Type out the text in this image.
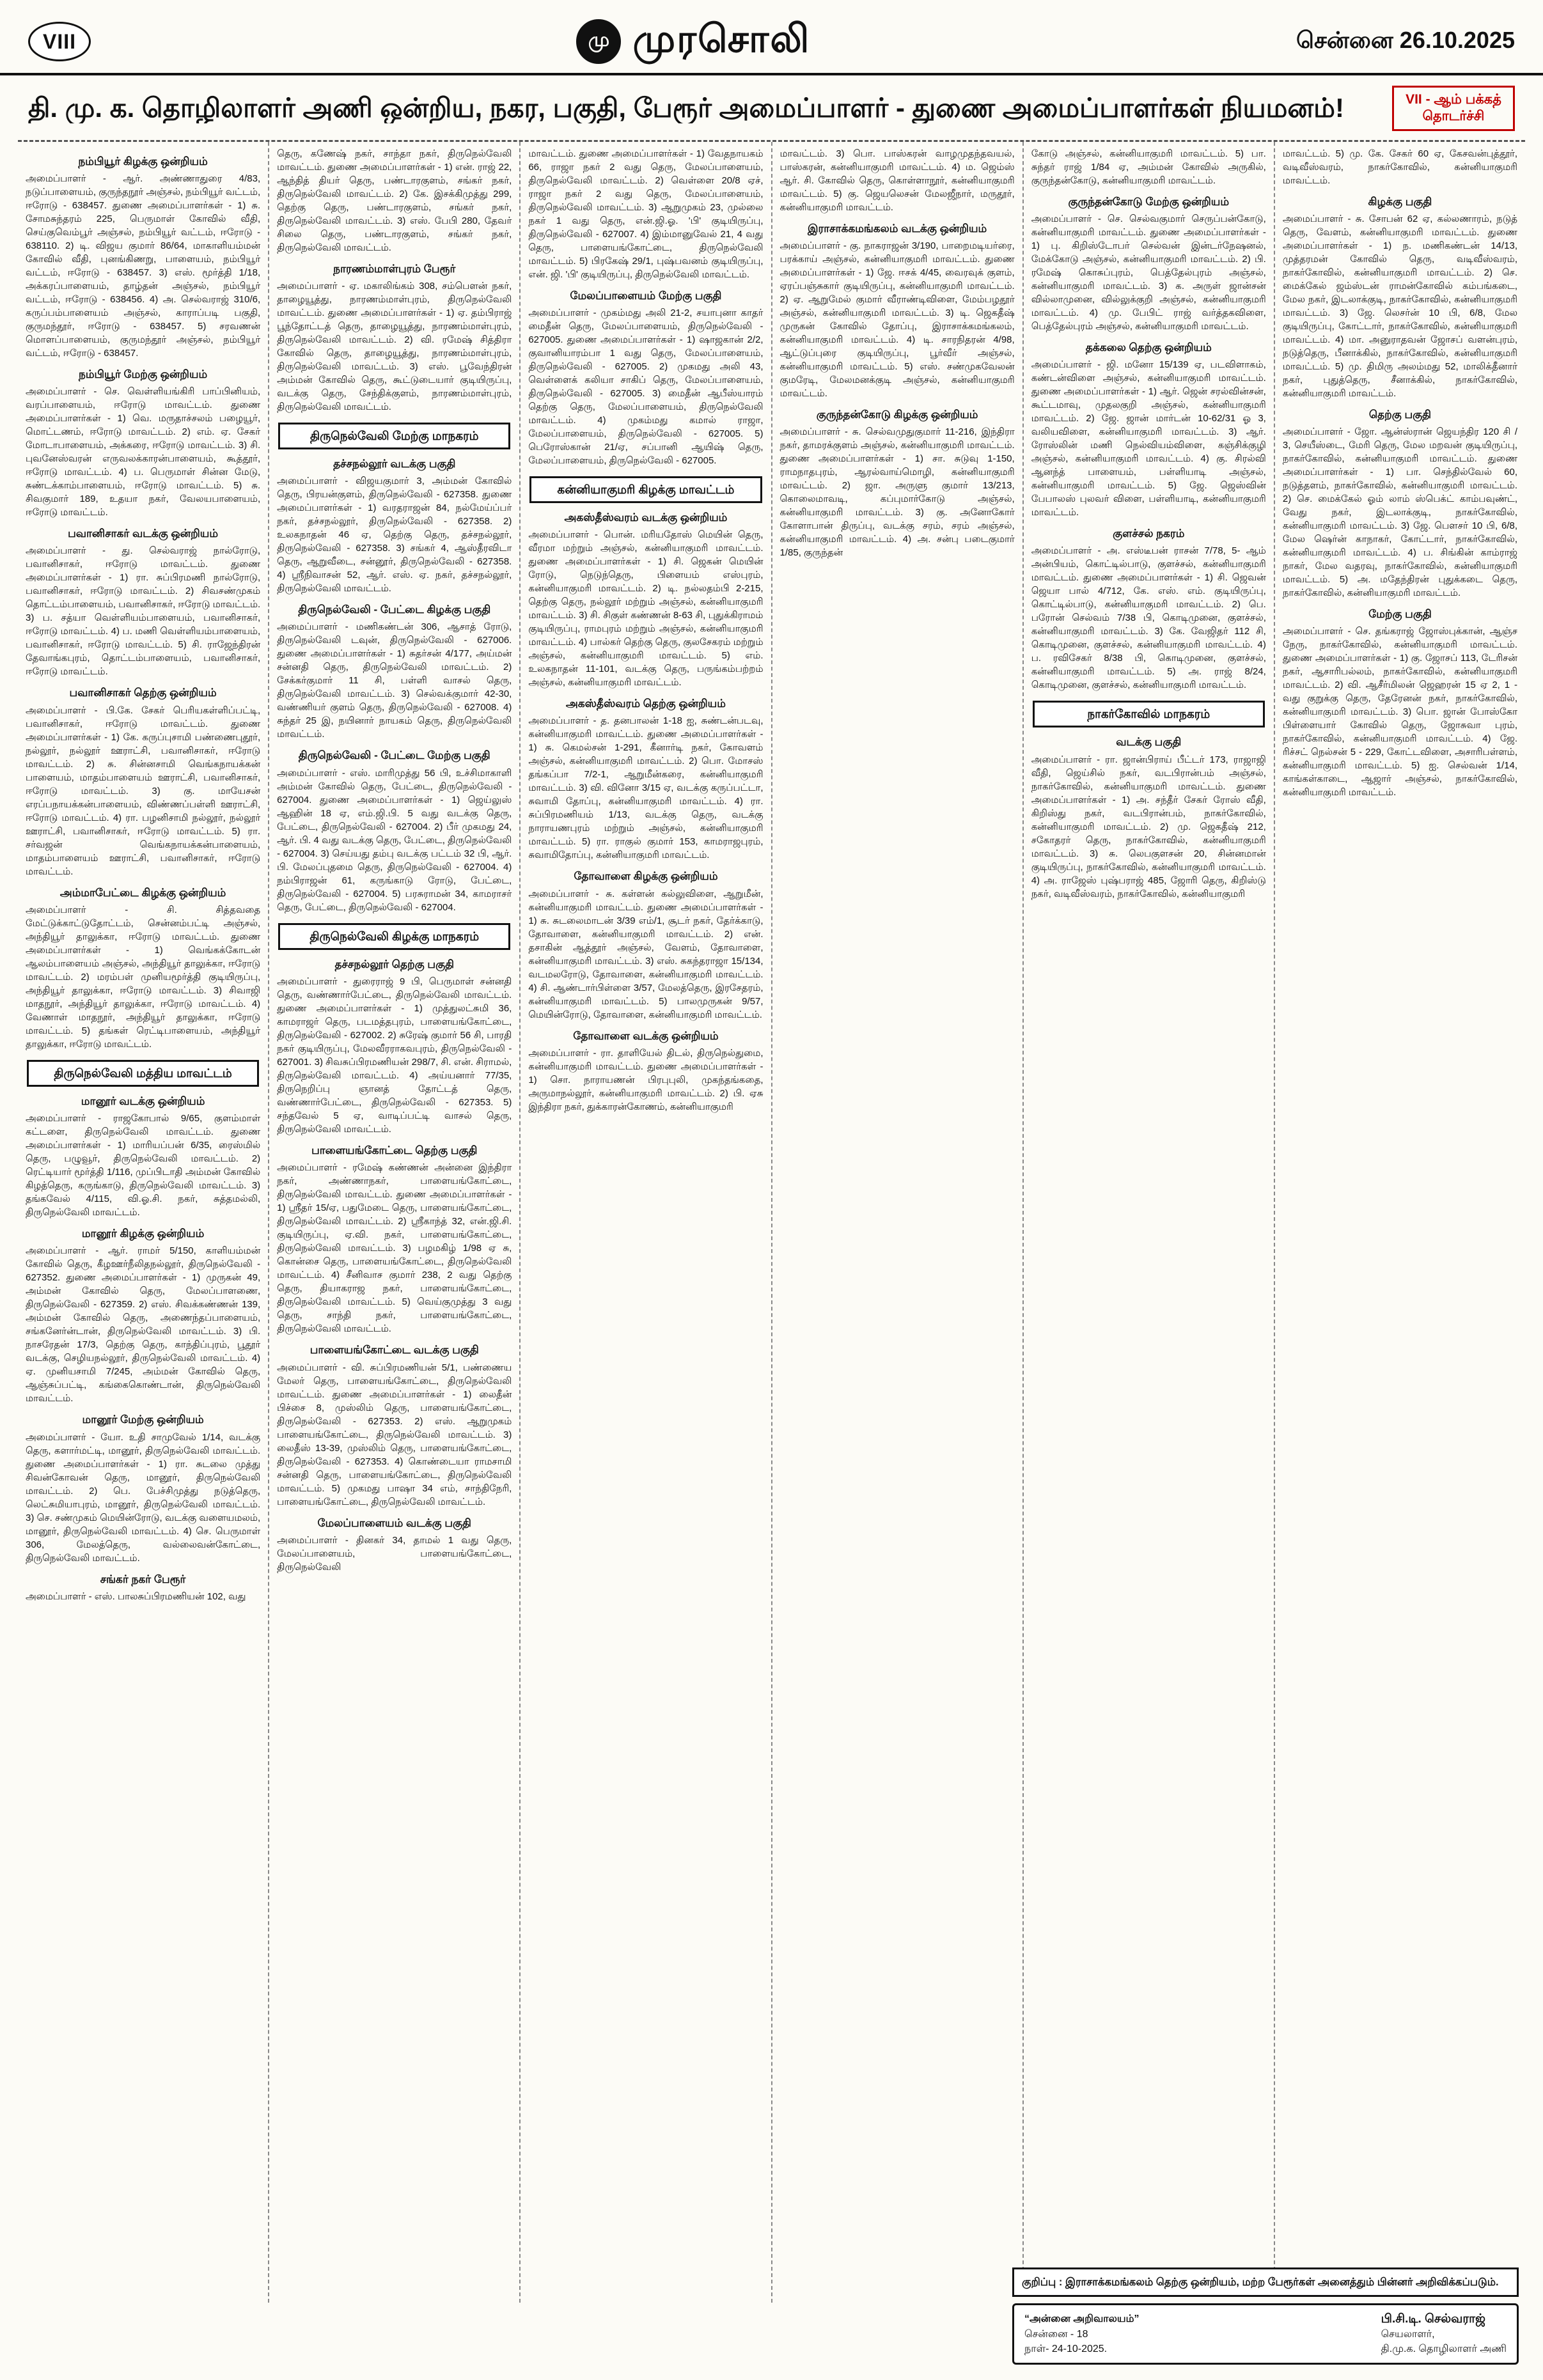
VIII	மு முரசொலி	சென்னை 26.10.2025
தி. மு. க. தொழிலாளர் அணி ஒன்றிய, நகர, பகுதி, பேரூர் அமைப்பாளர் - துணை அமைப்பாளர்கள் நியமனம்!	VII - ஆம் பக்கத் தொடர்ச்சி
நம்பியூர் கிழக்கு ஒன்றியம்
அமைப்பாளர் - ஆர். அண்ணாதுரை 4/83, நடுப்பாளையம், குருந்தநூர் அஞ்சல், நம்பியூர் வட்டம், ஈரோடு - 638457. துணை அமைப்பாளர்கள் - 1) சு. சோமசுந்தரம் 225, பெருமாள் கோவில் வீதி, செய்குவெம்பூர் அஞ்சல், நம்பியூர் வட்டம், ஈரோடு - 638110. 2) டி. விஜய குமார் 86/64, மாகாளியம்மன் கோவில் வீதி, புனங்கிணறு, பாளையம், நம்பியூர் வட்டம், ஈரோடு - 638457. 3) எஸ். மூர்த்தி 1/18, அக்கரப்பாளையம், தாழ்தன் அஞ்சல், நம்பியூர் வட்டம், ஈரோடு - 638456. 4) அ. செல்வராஜ் 310/6, கருப்பம்பாளையம் அஞ்சல், காராப்படி பகுதி, குருமந்தூர், ஈரோடு - 638457. 5) சரவணன் மொளப்பாளையம், குருமந்தூர் அஞ்சல், நம்பியூர் வட்டம், ஈரோடு - 638457.
நம்பியூர் மேற்கு ஒன்றியம்
அமைப்பாளர் - செ. வெள்ளியங்கிரி பாப்பினியம், வரப்பாளையம், ஈரோடு மாவட்டம். துணை அமைப்பாளர்கள் - 1) வெ. மருதாச்சலம் பழையூர், மொட்டணம், ஈரோடு மாவட்டம். 2) எம். ஏ. சேகர் மோடாபாளையம், அக்கரை, ஈரோடு மாவட்டம். 3) சி. புவனேஸ்வரன் எருவலக்காரன்பாளையம், கூத்தூர், ஈரோடு மாவட்டம். 4) ப. பெருமாள் சின்ன மேடு, சுண்டக்காம்பாளையம், ஈரோடு மாவட்டம். 5) சு. சிவகுமார் 189, உதயா நகர், வேலயபாளையம், ஈரோடு மாவட்டம்.
பவானிசாகர் வடக்கு ஒன்றியம்
அமைப்பாளர் - து. செல்வராஜ் நால்ரோடு, பவானிசாகர், ஈரோடு மாவட்டம். துணை அமைப்பாளர்கள் - 1) ரா. சுப்பிரமணி நால்ரோடு, பவானிசாகர், ஈரோடு மாவட்டம். 2) சிவசண்முகம் தொட்டம்பாளையம், பவானிசாகர், ஈரோடு மாவட்டம். 3) ப. சத்யா வெள்ளியம்பாளையம், பவானிசாகர், ஈரோடு மாவட்டம். 4) ப. மணி வெள்ளியம்பாளையம், பவானிசாகர், ஈரோடு மாவட்டம். 5) சி. ராஜேந்திரன் தேவாங்கபுரம், தொட்டம்பாளையம், பவானிசாகர், ஈரோடு மாவட்டம்.
பவானிசாகர் தெற்கு ஒன்றியம்
அமைப்பாளர் - பி.கே. சேகர் பெரியகள்ளிப்பட்டி, பவானிசாகர், ஈரோடு மாவட்டம். துணை அமைப்பாளர்கள் - 1) கே. கருப்புசாமி பண்ணைபுதூர், நல்லூர், நல்லூர் ஊராட்சி, பவானிசாகர், ஈரோடு மாவட்டம். 2) சு. சின்னசாமி வெங்கநாயக்கன் பாளையம், மாதம்பாளையம் ஊராட்சி, பவானிசாகர், ஈரோடு மாவட்டம். 3) கு. மாயேசன் எரப்பநாயக்கன்பாளையம், விண்ணப்பள்ளி ஊராட்சி, ஈரோடு மாவட்டம். 4) ரா. பழனிசாமி நல்லூர், நல்லூர் ஊராட்சி, பவானிசாகர், ஈரோடு மாவட்டம். 5) ரா. சர்வஜன் வெங்கநாயக்கன்பாளையம், மாதம்பாளையம் ஊராட்சி, பவானிசாகர், ஈரோடு மாவட்டம்.
அம்மாபேட்டை கிழக்கு ஒன்றியம்
அமைப்பாளர் - சி. சித்தவதை மேட்டுக்காட்டுதோட்டம், சென்னம்பட்டி அஞ்சல், அந்தியூர் தாலுக்கா, ஈரோடு மாவட்டம். துணை அமைப்பாளர்கள் - 1) வெங்கக்கோடன் ஆலம்பாளையம் அஞ்சல், அந்தியூர் தாலுக்கா, ஈரோடு மாவட்டம். 2) மரம்பள் முனியமூர்த்தி குடியிருப்பு, அந்தியூர் தாலுக்கா, ஈரோடு மாவட்டம். 3) சிவாஜி மாதநூர், அந்தியூர் தாலுக்கா, ஈரோடு மாவட்டம். 4) வேணாள் மாதநூர், அந்தியூர் தாலுக்கா, ஈரோடு மாவட்டம். 5) தங்கள் ரெட்டிபாளையம், அந்தியூர் தாலுக்கா, ஈரோடு மாவட்டம்.
திருநெல்வேலி மத்திய மாவட்டம்
மானூர் வடக்கு ஒன்றியம்
அமைப்பாளர் - ராஜகோபால் 9/65, குளம்மாள் கட்டளை, திருநெல்வேலி மாவட்டம். துணை அமைப்பாளர்கள் - 1) மாரியப்பன் 6/35, ரைஸ்மில் தெரு, பழுவூர், திருநெல்வேலி மாவட்டம். 2) ரெட்டியார் மூர்த்தி 1/116, முப்பிடாதி அம்மன் கோவில் கிழத்தெரு, கருங்காடு, திருநெல்வேலி மாவட்டம். 3) தங்கவேல் 4/115, வி.ஓ.சி. நகர், சுத்தமல்லி, திருநெல்வேலி மாவட்டம்.
மானூர் கிழக்கு ஒன்றியம்
அமைப்பாளர் - ஆர். ராமர் 5/150, காளியம்மன் கோவில் தெரு, கீழஊர்நீலிதநல்லூர், திருநெல்வேலி - 627352. துணை அமைப்பாளர்கள் - 1) முருகன் 49, அம்மன் கோவில் தெரு, மேலப்பாளணை, திருநெல்வேலி - 627359. 2) எஸ். சிவக்கண்ணன் 139, அம்மன் கோவில் தெரு, அணைந்தப்பாளையம், சங்கனேர்ன்டான், திருநெல்வேலி மாவட்டம். 3) பி. நாசரேதன் 17/3, தெற்கு தெரு, காந்திப்புரம், பூதூர் வடக்கு, செழியநல்லூர், திருநெல்வேலி மாவட்டம். 4) ஏ. முனியசாமி 7/245, அம்மன் கோவில் தெரு, ஆஞ்சுப்பட்டி, கங்கைகொண்டான், திருநெல்வேலி மாவட்டம்.
மானூர் மேற்கு ஒன்றியம்
அமைப்பாளர் - யோ. உதி சாமுவேல் 1/14, வடக்கு தெரு, களார்மட்டி, மானூர், திருநெல்வேலி மாவட்டம். துணை அமைப்பாளர்கள் - 1) ரா. சுடலை முத்து சிவன்கோவன் தெரு, மானூர், திருநெல்வேலி மாவட்டம். 2) பெ. பேச்சிமுத்து நடுத்தெரு, லெட்சுமியாபுரம், மானூர், திருநெல்வேலி மாவட்டம். 3) செ. சண்முகம் மெயின்ரோடு, வடக்கு வளையமலம், மானூர், திருநெல்வேலி மாவட்டம். 4) செ. பெருமாள் 306, மேலத்தெரு, வல்லைவன்கோட்டை, திருநெல்வேலி மாவட்டம்.
சங்கர் நகர் பேரூர்
அமைப்பாளர் - எஸ். பாலசுப்பிரமணியன் 102, வது
தெரு, கணேஷ் நகர், சாந்தா நகர், திருநெல்வேலி மாவட்டம். துணை அமைப்பாளர்கள் - 1) என். ராஜ் 22, ஆந்தித் தியர் தெரு, பண்டாரகுளம், சங்கர் நகர், திருநெல்வேலி மாவட்டம். 2) கே. இசக்கிமுத்து 299, தெற்கு தெரு, பண்டாரகுளம், சங்கர் நகர், திருநெல்வேலி மாவட்டம். 3) எஸ். பேபி 280, தேவர் சிலை தெரு, பண்டாரகுளம், சங்கர் நகர், திருநெல்வேலி மாவட்டம்.
நாரணம்மாள்புரம் பேரூர்
அமைப்பாளர் - ஏ. மகாலிங்கம் 308, சம்பௌன் நகர், தாழையூத்து, நாரணம்மாள்புரம், திருநெல்வேலி மாவட்டம். துணை அமைப்பாளர்கள் - 1) ஏ. தம்பிராஜ் பூந்தோட்டத் தெரு, தாழையூத்து, நாரணம்மாள்புரம், திருநெல்வேலி மாவட்டம். 2) வி. ரமேஷ் சித்திரா கோவில் தெரு, தாழையூத்து, நாரணம்மாள்புரம், திருநெல்வேலி மாவட்டம். 3) எஸ். பூவேந்திரன் அம்மன் கோவில் தெரு, கூட்டுடையார் குடியிருப்பு, வடக்கு தெரு, சேந்திக்குளம், நாரணம்மாள்புரம், திருநெல்வேலி மாவட்டம்.
திருநெல்வேலி மேற்கு மாநகரம்
தச்சநல்லூர் வடக்கு பகுதி
அமைப்பாளர் - விஜயகுமார் 3, அம்மன் கோவில் தெரு, பிரயன்குளம், திருநெல்வேலி - 627358. துணை அமைப்பாளர்கள் - 1) வரதராஜன் 84, நல்மேய்ப்பர் நகர், தச்சநல்லூர், திருநெல்வேலி - 627358. 2) உலகநாதன் 46 ஏ, தெற்கு தெரு, தச்சநல்லூர், திருநெல்வேலி - 627358. 3) சங்கர் 4, ஆஸ்தீரவிடா தெரு, ஆறுவீடை, சன்னூர், திருநெல்வேலி - 627358. 4) ஸ்ரீநிவாசன் 52, ஆர். எஸ். ஏ. நகர், தச்சநல்லூர், திருநெல்வேலி மாவட்டம்.
திருநெல்வேலி - பேட்டை கிழக்கு பகுதி
அமைப்பாளர் - மணிகண்டன் 306, ஆசாத் ரோடு, திருநெல்வேலி டவுன், திருநெல்வேலி - 627006. துணை அமைப்பாளர்கள் - 1) சுதர்சன் 4/177, அய்மன் சன்னதி தெரு, திருநெல்வேலி மாவட்டம். 2) சேக்கர்குமார் 11 சி, பள்ளி வாசல் தெரு, திருநெல்வேலி மாவட்டம். 3) செல்வக்குமார் 42-30, வண்ணியர் குளம் தெரு, திருநெல்வேலி - 627008. 4) சுந்தர் 25 இ, நயினார் நாயகம் தெரு, திருநெல்வேலி மாவட்டம்.
திருநெல்வேலி - பேட்டை மேற்கு பகுதி
அமைப்பாளர் - எஸ். மாரிமுத்து 56 பி, உச்சிமாகாளி அம்மன் கோவில் தெரு, பேட்டை, திருநெல்வேலி - 627004. துணை அமைப்பாளர்கள் - 1) ஜெய்லுஸ் ஆஹின் 18 ஏ, எம்.ஜி.பி. 5 வது வடக்கு தெரு, பேட்டை, திருநெல்வேலி - 627004. 2) பீர் முகமது 24, ஆர். பி. 4 வது வடக்கு தெரு, பேட்டை, திருநெல்வேலி - 627004. 3) செய்யது தம்பு வடக்கு பட்டம் 32 பி, ஆர். பி. மேலப்புதமை தெரு, திருநெல்வேலி - 627004. 4) நம்பிராஜன் 61, கருங்காடு ரோடு, பேட்டை, திருநெல்வேலி - 627004. 5) பரசுராமன் 34, காமராசர் தெரு, பேட்டை, திருநெல்வேலி - 627004.
திருநெல்வேலி கிழக்கு மாநகரம்
தச்சநல்லூர் தெற்கு பகுதி
அமைப்பாளர் - துரைராஜ் 9 பி, பெருமாள் சன்னதி தெரு, வண்ணார்பேட்டை, திருநெல்வேலி மாவட்டம். துணை அமைப்பாளர்கள் - 1) முத்துலட்சுமி 36, காமராஜர் தெரு, படமத்தபுரம், பாளையங்கோட்டை, திருநெல்வேலி - 627002. 2) சுரேஷ் குமார் 56 சி, பாரதி நகர் குடியிருப்பு, மேலவீரராகவபுரம், திருநெல்வேலி - 627001. 3) சிவசுப்பிரமணியன் 298/7, சி. என். சிராமல், திருநெல்வேலி மாவட்டம். 4) அய்யனார் 77/35, திருநெறிப்பு ஞானத் தோட்டத் தெரு, வண்ணார்பேட்டை, திருநெல்வேலி - 627353. 5) சந்தவேல் 5 ஏ, வாடிப்பட்டி வாசல் தெரு, திருநெல்வேலி மாவட்டம்.
பாளையங்கோட்டை தெற்கு பகுதி
அமைப்பாளர் - ரமேஷ் கண்ணன் அன்னை இந்திரா நகர், அண்ணாநகர், பாளையங்கோட்டை, திருநெல்வேலி மாவட்டம். துணை அமைப்பாளர்கள் - 1) ஸ்ரீதர் 15/ஏ, பதுமேடை தெரு, பாளையங்கோட்டை, திருநெல்வேலி மாவட்டம். 2) ஸ்ரீகாந்த் 32, என்.ஜி.சி. குடியிருப்பு, ஏ.வி. நகர், பாளையங்கோட்டை, திருநெல்வேலி மாவட்டம். 3) பழமகிழ் 1/98 ஏ சு, கொன்சை தெரு, பாளையங்கோட்டை, திருநெல்வேலி மாவட்டம். 4) சீனிவாச குமார் 238, 2 வது தெற்கு தெரு, தியாகராஜ நகர், பாளையங்கோட்டை, திருநெல்வேலி மாவட்டம். 5) வெய்குமுத்து 3 வது தெரு, சாந்தி நகர், பாளையங்கோட்டை, திருநெல்வேலி மாவட்டம்.
பாளையங்கோட்டை வடக்கு பகுதி
அமைப்பாளர் - வி. சுப்பிரமணியன் 5/1, பண்ணைய மேலர் தெரு, பாளையங்கோட்டை, திருநெல்வேலி மாவட்டம். துணை அமைப்பாளர்கள் - 1) லைதீன் பிச்சை 8, முஸ்லிம் தெரு, பாளையங்கோட்டை, திருநெல்வேலி - 627353. 2) எஸ். ஆறுமுகம் பாளையங்கோட்டை, திருநெல்வேலி மாவட்டம். 3) லைதீஸ் 13-39, முஸ்லிம் தெரு, பாளையங்கோட்டை, திருநெல்வேலி - 627353. 4) கொண்டையா ராமசாமி சன்னதி தெரு, பாளையங்கோட்டை, திருநெல்வேலி மாவட்டம். 5) முகமது பாஷா 34 எம், சாந்திநேரி, பாளையங்கோட்டை, திருநெல்வேலி மாவட்டம்.
மேலப்பாளையம் வடக்கு பகுதி
அமைப்பாளர் - தினகர் 34, தாமல் 1 வது தெரு, மேலப்பாளையம், பாளையங்கோட்டை, திருநெல்வேலி
மாவட்டம். துணை அமைப்பாளர்கள் - 1) வேதநாயகம் 66, ராஜா நகர் 2 வது தெரு, மேலப்பாளையம், திருநெல்வேலி மாவட்டம். 2) வெள்ளை 20/8 ஏச், ராஜா நகர் 2 வது தெரு, மேலப்பாளையம், திருநெல்வேலி மாவட்டம். 3) ஆறுமுகம் 23, முல்லை நகர் 1 வது தெரு, என்.ஜி.ஓ. 'பி' குடியிருப்பு, திருநெல்வேலி - 627007. 4) இம்மானுவேல் 21, 4 வது தெரு, பாளையங்கோட்டை, திருநெல்வேலி மாவட்டம். 5) பிரகேஷ் 29/1, புஷ்பவனம் குடியிருப்பு, என். ஜி. 'பி' குடியிருப்பு, திருநெல்வேலி மாவட்டம்.
மேலப்பாளையம் மேற்கு பகுதி
அமைப்பாளர் - முகம்மது அலி 21-2, சயாபுனா காதர் மைதீன் தெரு, மேலப்பாளையம், திருநெல்வேலி - 627005. துணை அமைப்பாளர்கள் - 1) ஷாஜகான் 2/2, குவானியாரம்பா 1 வது தெரு, மேலப்பாளையம், திருநெல்வேலி - 627005. 2) முகமது அலி 43, வெள்ளைக் கலியா சாகிப் தெரு, மேலப்பாளையம், திருநெல்வேலி - 627005. 3) மைதீன் ஆபீஸ்யாரம் தெற்கு தெரு, மேலப்பாளையம், திருநெல்வேலி மாவட்டம். 4) முகம்மது கமால் ராஜா, மேலப்பாளையம், திருநெல்வேலி - 627005. 5) பெரோஸ்கான் 21/ஏ, சப்பானி ஆயிஷ் தெரு, மேலப்பாளையம், திருநெல்வேலி - 627005.
கன்னியாகுமரி கிழக்கு மாவட்டம்
அகஸ்தீஸ்வரம் வடக்கு ஒன்றியம்
அமைப்பாளர் - பொன். மரியதோஸ் மெயின் தெரு, வீரமா மற்றும் அஞ்சல், கன்னியாகுமரி மாவட்டம். துணை அமைப்பாளர்கள் - 1) சி. ஜெகன் மெயின் ரோடு, நெடுந்தெரு, பிளையம் எஸ்புரம், கன்னியாகுமரி மாவட்டம். 2) டி. நல்லதம்பி 2-215, தெற்கு தெரு, நல்லூர் மற்றும் அஞ்சல், கன்னியாகுமரி மாவட்டம். 3) சி. சிகுள் கண்ணன் 8-63 சி, புதுக்கிராமம் குடியிருப்பு, ராமபுரம் மற்றும் அஞ்சல், கன்னியாகுமரி மாவட்டம். 4) பால்கர் தெற்கு தெரு, குலசேகரம் மற்றும் அஞ்சல், கன்னியாகுமரி மாவட்டம். 5) எம். உலகநாதன் 11-101, வடக்கு தெரு, பருங்கம்பற்றம் அஞ்சல், கன்னியாகுமரி மாவட்டம்.
அகஸ்தீஸ்வரம் தெற்கு ஒன்றியம்
அமைப்பாளர் - த. தனபாலன் 1-18 ஐ, சுண்டன்படவு, கன்னியாகுமரி மாவட்டம். துணை அமைப்பாளர்கள் - 1) சு. கெமல்சன் 1-291, கீனார்டி நகர், கோவளம் அஞ்சல், கன்னியாகுமரி மாவட்டம். 2) பொ. மோசஸ் தங்கப்பா 7/2-1, ஆறுமீன்கரை, கன்னியாகுமரி மாவட்டம். 3) வி. வினோ 3/15 ஏ, வடக்கு கருப்பட்டா, சுவாமி தோப்பு, கன்னியாகுமரி மாவட்டம். 4) ரா. சுப்பிரமணியம் 1/13, வடக்கு தெரு, வடக்கு நாராயணபுரம் மற்றும் அஞ்சல், கன்னியாகுமரி மாவட்டம். 5) ரா. ராகுல் குமார் 153, காமராஜபுரம், சுவாமிதோப்பு, கன்னியாகுமரி மாவட்டம்.
தோவாளை கிழக்கு ஒன்றியம்
அமைப்பாளர் - சு. கள்ளன் கல்லுவிளை, ஆறுமீன், கன்னியாகுமரி மாவட்டம். துணை அமைப்பாளர்கள் - 1) சு. சுடலைமாடன் 3/39 எம்/1, சூடர் நகர், தேர்க்காடு, தோவாளை, கன்னியாகுமரி மாவட்டம். 2) என். தசாகின் ஆத்தூர் அஞ்சல், வேளம், தோவாளை, கன்னியாகுமரி மாவட்டம். 3) எஸ். சுகந்தராஜா 15/134, வடமலரோடு, தோவாளை, கன்னியாகுமரி மாவட்டம். 4) சி. ஆண்டார்பிள்ளை 3/57, மேலத்தெரு, இரசேதரம், கன்னியாகுமரி மாவட்டம். 5) பாலமுருகன் 9/57, மெயின்ரோடு, தோவாளை, கன்னியாகுமரி மாவட்டம்.
தோவாளை வடக்கு ஒன்றியம்
அமைப்பாளர் - ரா. தாளியேல் திடல், திருநெல்துமை, கன்னியாகுமரி மாவட்டம். துணை அமைப்பாளர்கள் - 1) சொ. நாராயணன் பிரபுபுலி, முகந்தங்கதை, அருமாநல்லூர், கன்னியாகுமரி மாவட்டம். 2) பி. ஏசு இந்திரா நகர், துக்காரன்கோணம், கன்னியாகுமரி
மாவட்டம். 3) பொ. பாஸ்கரன் வாழமுதந்தவயல், பாஸ்கரன், கன்னியாகுமரி மாவட்டம். 4) ம. ஜெம்ஸ் ஆர். சி. கோவில் தெரு, கொள்ளாநூர், கன்னியாகுமரி மாவட்டம். 5) கு. ஜெயலெசன் மேலஜீநார், மருதூர், கன்னியாகுமரி மாவட்டம்.
இராசாக்கமங்கலம் வடக்கு ஒன்றியம்
அமைப்பாளர் - கு. நாகராஜன் 3/190, பாறைமடியர்ரை, பரக்காய் அஞ்சல், கன்னியாகுமரி மாவட்டம். துணை அமைப்பாளர்கள் - 1) ஜே. ஈசக் 4/45, வைரவுக் குளம், ஏரப்பஞ்சுகார் குடியிருப்பு, கன்னியாகுமரி மாவட்டம். 2) ஏ. ஆறுமேல் குமார் வீராண்டிவிளை, மேம்பழதூர் அஞ்சல், கன்னியாகுமரி மாவட்டம். 3) டி. ஜெகதீஷ் முருகன் கோவில் தோப்பு, இராசாக்கமங்கலம், கன்னியாகுமரி மாவட்டம். 4) டி. சாரநிதரன் 4/98, ஆட்டுப்புரை குடியிருப்பு, பூர்வீர் அஞ்சல், கன்னியாகுமரி மாவட்டம். 5) எஸ். சண்முகவேலன் குமரேடி, மேலமனக்குடி அஞ்சல், கன்னியாகுமரி மாவட்டம்.
குருந்தன்கோடு கிழக்கு ஒன்றியம்
அமைப்பாளர் - சு. செல்வமுதுகுமார் 11-216, இந்திரா நகர், தாமரக்குளம் அஞ்சல், கன்னியாகுமரி மாவட்டம். துணை அமைப்பாளர்கள் - 1) சா. சுடுவு 1-150, ராமநாதபுரம், ஆரல்வாய்மொழி, கன்னியாகுமரி மாவட்டம். 2) ஜா. அருளு குமார் 13/213, கொலைமாவடி, கப்புமார்கோடு அஞ்சல், கன்னியாகுமரி மாவட்டம். 3) கு. அனோகோர் கோளாபான் திருப்பு, வடக்கு சரம், சரம் அஞ்சல், கன்னியாகுமரி மாவட்டம். 4) அ. சன்பு படைகுமார் 1/85, குருந்தன்
கோடு அஞ்சல், கன்னியாகுமரி மாவட்டம். 5) பா. சுந்தர் ராஜ் 1/84 ஏ, அம்மன் கோவில் அருகில், குருந்தன்கோடு, கன்னியாகுமரி மாவட்டம்.
குருந்தன்கோடு மேற்கு ஒன்றியம்
அமைப்பாளர் - செ. செல்வகுமார் செருப்பன்கோடு, கன்னியாகுமரி மாவட்டம். துணை அமைப்பாளர்கள் - 1) பு. கிறிஸ்டோபர் செல்வன் இன்டர்நேஷனல், மேக்கோடு அஞ்சல், கன்னியாகுமரி மாவட்டம். 2) பி. ரமேஷ் கொசுப்புரம், பெத்தேல்புரம் அஞ்சல், கன்னியாகுமரி மாவட்டம். 3) க. அருள் ஜான்சன் வில்லாமுனை, வில்லுக்குறி அஞ்சல், கன்னியாகுமரி மாவட்டம். 4) மு. பேபிட் ராஜ் வர்த்தகவிளை, பெத்தேல்புரம் அஞ்சல், கன்னியாகுமரி மாவட்டம்.
தக்கலை தெற்கு ஒன்றியம்
அமைப்பாளர் - ஜி. மனோ 15/139 ஏ, படவிளாகம், கண்டன்விளை அஞ்சல், கன்னியாகுமரி மாவட்டம். துணை அமைப்பாளர்கள் - 1) ஆர். ஜென் சரல்வின்சன், கூட்டமாவு, முதலகுறி அஞ்சல், கன்னியாகுமரி மாவட்டம். 2) ஜே. ஜான் மார்டன் 10-62/31 ஓ 3, வலியவிளை, கன்னியாகுமரி மாவட்டம். 3) ஆர். ரோஸ்லின் மணி நெல்வியம்விளை, கஞ்சிக்குழி அஞ்சல், கன்னியாகுமரி மாவட்டம். 4) கு. சிரல்வி ஆனந்த் பாளையம், பள்ளியாடி அஞ்சல், கன்னியாகுமரி மாவட்டம். 5) ஜே. ஜெஸ்வின் பேபாலஸ் புலவர் விளை, பள்ளியாடி, கன்னியாகுமரி மாவட்டம்.
குளச்சல் நகரம்
அமைப்பாளர் - அ. எஸ்டீபன் ராசன் 7/78, 5- ஆம் அன்பியம், கொட்டில்பாடு, குளச்சல், கன்னியாகுமரி மாவட்டம். துணை அமைப்பாளர்கள் - 1) சி. ஜெவன் ஜெயா பால் 4/712, கே. எஸ். எம். குடியிருப்பு, கொட்டில்பாடு, கன்னியாகுமரி மாவட்டம். 2) பெ. பரோன் செல்வம் 7/38 பி, கொடிமுனை, குளச்சல், கன்னியாகுமரி மாவட்டம். 3) கே. வேஜிதர் 112 சி, கொடிமுனை, குளச்சல், கன்னியாகுமரி மாவட்டம். 4) ப. ரவிசேகர் 8/38 பி, கொடிமுனை, குளச்சல், கன்னியாகுமரி மாவட்டம். 5) அ. ராஜ் 8/24, கொடிமுனை, குளச்சல், கன்னியாகுமரி மாவட்டம்.
நாகர்கோவில் மாநகரம்
வடக்கு பகுதி
அமைப்பாளர் - ரா. ஜான்பிராய் பீட்டர் 173, ராஜாஜி வீதி, ஜெய்சில் நகர், வடபிரான்பம் அஞ்சல், நாகர்கோவில், கன்னியாகுமரி மாவட்டம். துணை அமைப்பாளர்கள் - 1) அ. சந்தீர் சேகர் ரோஸ் வீதி, கிறிஸ்து நகர், வடபிரான்பம், நாகர்கோவில், கன்னியாகுமரி மாவட்டம். 2) மு. ஜெகதீஷ் 212, சகோதரர் தெரு, நாகர்கோவில், கன்னியாகுமரி மாவட்டம். 3) சு. லெபகுளசன் 20, சின்னமான் குடியிருப்பு, நாகர்கோவில், கன்னியாகுமரி மாவட்டம். 4) அ. ராஜேஸ் புஷ்பராஜ் 485, ஜோரி தெரு, கிறிஸ்டு நகர், வடிவீஸ்வரம், நாகர்கோவில், கன்னியாகுமரி
மாவட்டம். 5) மு. கே. சேகர் 60 ஏ, கேசவன்புத்தூர், வடிவீஸ்வரம், நாகர்கோவில், கன்னியாகுமரி மாவட்டம்.
கிழக்கு பகுதி
அமைப்பாளர் - சு. சோபன் 62 ஏ, கல்லணாரம், நடுத் தெரு, வேளம், கன்னியாகுமரி மாவட்டம். துணை அமைப்பாளர்கள் - 1) ந. மணிகண்டன் 14/13, முத்தரமன் கோவில் தெரு, வடிவீஸ்வரம், நாகர்கோவில், கன்னியாகுமரி மாவட்டம். 2) செ. மைக்கேல் ஜம்ஸ்டன் ராமன்கோவில் கம்பங்கடை, மேல நகர், இடலாக்குடி, நாகர்கோவில், கன்னியாகுமரி மாவட்டம். 3) ஜே. லெசர்ன் 10 பி, 6/8, மேல குடியிருப்பு, கோட்டார், நாகர்கோவில், கன்னியாகுமரி மாவட்டம். 4) மா. அனுராதவன் ஜோசப் வளன்புரம், நடுத்தெரு, பீனாக்கில், நாகர்கோவில், கன்னியாகுமரி மாவட்டம். 5) மு. திமிரு அலம்மது 52, மாலிக்தீனார் நகர், புதுத்தெரு, சீனாக்கில், நாகர்கோவில், கன்னியாகுமரி மாவட்டம்.
தெற்கு பகுதி
அமைப்பாளர் - ஜோ. ஆன்ஸ்ரான் ஜெயந்திர 120 சி / 3, செயீஸ்டை, மேரி தெரு, மேல மறவன் குடியிருப்பு, நாகர்கோவில், கன்னியாகுமரி மாவட்டம். துணை அமைப்பாளர்கள் - 1) பா. செந்தில்வேல் 60, நடுத்தளம், நாகர்கோவில், கன்னியாகுமரி மாவட்டம். 2) செ. மைக்கேல் ஓம் லாம் ஸ்பெக்ட் காம்பவுண்ட், வேது நகர், இடலாக்குடி, நாகர்கோவில், கன்னியாகுமரி மாவட்டம். 3) ஜே. பௌசர் 10 பி, 6/8, மேல ஷெர்ன் காநாகர், கோட்டார், நாகர்கோவில், கன்னியாகுமரி மாவட்டம். 4) ப. சிங்கின் காம்ராஜ் நாகர், மேல வதரவு, நாகர்கோவில், கன்னியாகுமரி மாவட்டம். 5) அ. மதேந்திரன் புதுக்கடை தெரு, நாகர்கோவில், கன்னியாகுமரி மாவட்டம்.
மேற்கு பகுதி
அமைப்பாளர் - செ. தங்கராஜ் ஜோஸ்புக்கான், ஆஞ்ச நேரு, நாகர்கோவில், கன்னியாகுமரி மாவட்டம். துணை அமைப்பாளர்கள் - 1) கு. ஜோசப் 113, டேரிசன் நகர், ஆசாரிபல்லம், நாகர்கோவில், கன்னியாகுமரி மாவட்டம். 2) வி. ஆசீர்மிலன் ஜெஹரன் 15 ஏ 2, 1 - வது குறுக்கு தெரு, தேரேனன் நகர், நாகர்கோவில், கன்னியாகுமரி மாவட்டம். 3) பொ. ஜான் போஸ்கோ பிள்ளையார் கோவில் தெரு, ஜோசுவா புரம், நாகர்கோவில், கன்னியாகுமரி மாவட்டம். 4) ஜே. ரிச்சட் நெல்சன் 5 - 229, கோட்டவிளை, அசாரிபள்ளம், கன்னியாகுமரி மாவட்டம். 5) ஐ. செல்வன் 1/14, காங்கள்காடை, ஆஜார் அஞ்சல், நாகர்கோவில், கன்னியாகுமரி மாவட்டம்.
குறிப்பு : இராசாக்கமங்கலம் தெற்கு ஒன்றியம், மற்ற பேரூர்கள் அனைத்தும் பின்னர் அறிவிக்கப்படும்.
“அன்னை அறிவாலயம்”
சென்னை - 18
நாள்- 24-10-2025.
பி.சி.டி. செல்வராஜ்
செயலாளர்,
தி.மு.க. தொழிலாளர் அணி
